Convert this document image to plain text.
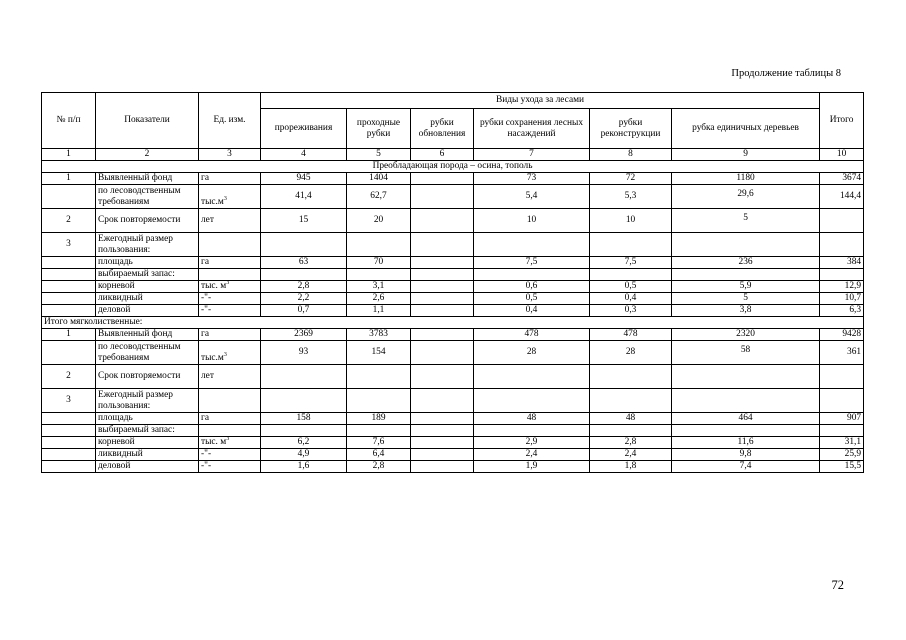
Продолжение таблицы 8
№ п/п	Показатели	Ед. изм.	Виды ухода за лесами						Итого
			прореживания	проходные рубки	рубки обновления	рубки сохранения лесных насаждений	рубки реконструкции	рубка единичных деревьев	
1	2	3	4	5	6	7	8	9	10
Преобладающая порода – осина, тополь									
1	Выявленный фонд	га	945	1404		73	72	1180	3674
	по лесоводственным требованиям	$тыс.м^3$	41,4	62,7		5,4	5,3	29,6	144,4
2	Срок повторяемости	лет	15	20		10	10	5	

3	Ежегодный размер пользования:							

	площадь	га	63	70		7,5	7,5	236	384
	выбираемый запас:								
	корневой	тыс. $м^3$	2,8	3,1		0,6	0,5	5,9	12,9
	ликвидный	-"-	2,2	2,6		0,5	0,4	5	10,7
	деловой	-"-	0,7	1,1		0,4	0,3	3,8	6,3
Итого мягколиственные:									
1	Выявленный фонд	га	2369	3783		478	478	2320	9428
	по лесоводственным требованиям	$тыс.м^3$	93	154		28	28	58	361
2	Срок повторяемости	лет						

3	Ежегодный размер пользования:							

	площадь	га	158	189		48	48	464	907
	выбираемый запас:								
	корневой	тыс. $м^3$	6,2	7,6		2,9	2,8	11,6	31,1
	ликвидный	-"-	4,9	6,4		2,4	2,4	9,8	25,9
	деловой	-"-	1,6	2,8		1,9	1,8	7,4	15,5
72
